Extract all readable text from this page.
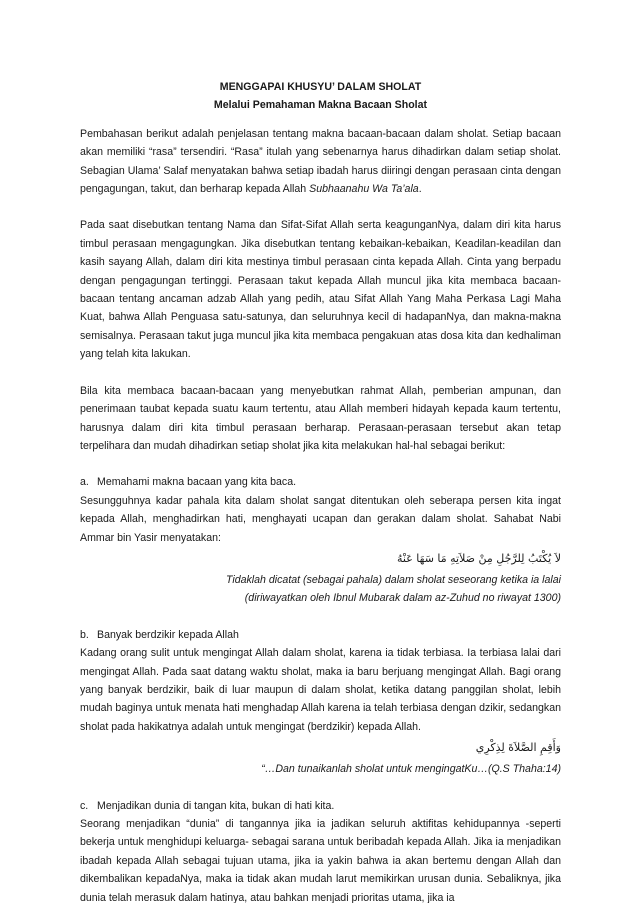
MENGGAPAI KHUSYU’ DALAM SHOLAT

Melalui Pemahaman Makna Bacaan Sholat

Pembahasan berikut adalah penjelasan tentang makna bacaan-bacaan dalam sholat. Setiap bacaan akan memiliki “rasa” tersendiri. “Rasa” itulah yang sebenarnya harus dihadirkan dalam setiap sholat. Sebagian Ulama’ Salaf menyatakan bahwa setiap ibadah harus diiringi dengan perasaan cinta dengan pengagungan, takut, dan berharap kepada Allah Subhaanahu Wa Ta’ala.

Pada saat disebutkan tentang Nama dan Sifat-Sifat Allah serta keagunganNya, dalam diri kita harus timbul perasaan mengagungkan. Jika disebutkan tentang kebaikan-kebaikan, Keadilan-keadilan dan kasih sayang Allah, dalam diri kita mestinya timbul perasaan cinta kepada Allah. Cinta yang berpadu dengan pengagungan tertinggi. Perasaan takut kepada Allah muncul jika kita membaca bacaan-bacaan tentang ancaman adzab Allah yang pedih, atau Sifat Allah Yang Maha Perkasa Lagi Maha Kuat, bahwa Allah Penguasa satu-satunya, dan seluruhnya kecil di hadapanNya, dan makna-makna semisalnya. Perasaan takut juga muncul jika kita membaca pengakuan atas dosa kita dan kedhaliman yang telah kita lakukan.

Bila kita membaca bacaan-bacaan yang menyebutkan rahmat Allah, pemberian ampunan, dan penerimaan taubat kepada suatu kaum tertentu, atau Allah memberi hidayah kepada kaum tertentu, harusnya dalam diri kita timbul perasaan berharap. Perasaan-perasaan tersebut akan tetap terpelihara dan mudah dihadirkan setiap sholat jika kita melakukan hal-hal sebagai berikut:

a. Memahami makna bacaan yang kita baca.

Sesungguhnya kadar pahala kita dalam sholat sangat ditentukan oleh seberapa persen kita ingat kepada Allah, menghadirkan hati, menghayati ucapan dan gerakan dalam sholat. Sahabat Nabi Ammar bin Yasir menyatakan:

لاَ يُكْتَبُ لِلرَّجُلِ مِنْ صَلاَتِهِ مَا سَهَا عَنْهُ

Tidaklah dicatat (sebagai pahala) dalam sholat seseorang ketika ia lalai

(diriwayatkan oleh Ibnul Mubarak dalam az-Zuhud no riwayat 1300)

b. Banyak berdzikir kepada Allah

Kadang orang sulit untuk mengingat Allah dalam sholat, karena ia tidak terbiasa. Ia terbiasa lalai dari mengingat Allah. Pada saat datang waktu sholat, maka ia baru berjuang mengingat Allah. Bagi orang yang banyak berdzikir, baik di luar maupun di dalam sholat, ketika datang panggilan sholat, lebih mudah baginya untuk menata hati menghadap Allah karena ia telah terbiasa dengan dzikir, sedangkan sholat pada hakikatnya adalah untuk mengingat (berdzikir) kepada Allah.

وَأَقِمِ الصَّلاَةَ لِذِكْرِي

“…Dan tunaikanlah sholat untuk mengingatKu…(Q.S Thaha:14)

c. Menjadikan dunia di tangan kita, bukan di hati kita.

Seorang menjadikan “dunia” di tangannya jika ia jadikan seluruh aktifitas kehidupannya -seperti bekerja untuk menghidupi keluarga- sebagai sarana untuk beribadah kepada Allah. Jika ia menjadikan ibadah kepada Allah sebagai tujuan utama, jika ia yakin bahwa ia akan bertemu dengan Allah dan dikembalikan kepadaNya, maka ia tidak akan mudah larut memikirkan urusan dunia. Sebaliknya, jika dunia telah merasuk dalam hatinya, atau bahkan menjadi prioritas utama, jika ia
